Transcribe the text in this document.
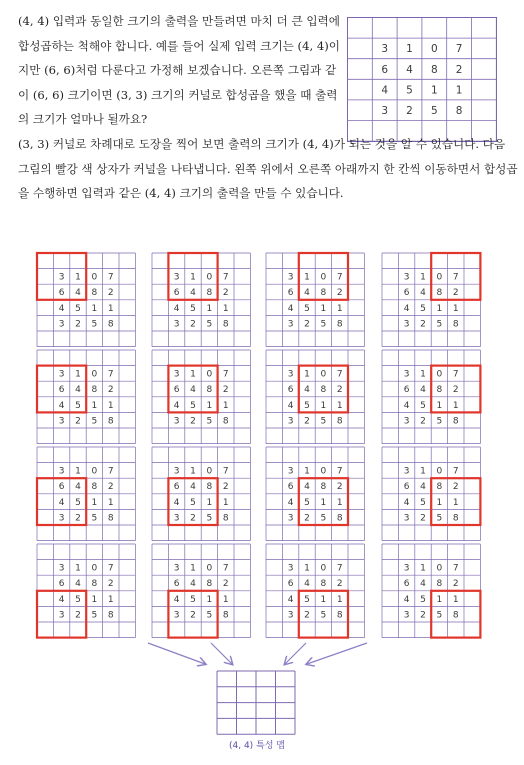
(4, 4) 입력과 동일한 크기의 출력을 만들려면 마치 더 큰 입력에 합성곱하는 척해야 합니다. 예를 들어 실제 입력 크기는 (4, 4)이지만 (6, 6)처럼 다룬다고 가정해 보겠습니다. 오른쪽 그림과 같이 (6, 6) 크기이면 (3, 3) 크기의 커널로 합성곱을 했을 때 출력의 크기가 얼마나 될까요?

3 1 0 7
6 4 8 2
4 5 1 1
3 2 5 8

(3, 3) 커널로 차례대로 도장을 찍어 보면 출력의 크기가 (4, 4)가 되는 것을 알 수 있습니다. 다음 그림의 빨강 색 상자가 커널을 나타냅니다. 왼쪽 위에서 오른쪽 아래까지 한 칸씩 이동하면서 합성곱을 수행하면 입력과 같은 (4, 4) 크기의 출력을 만들 수 있습니다.

3 1 0 7
6 4 8 2
4 5 1 1
3 2 5 8
3 1 0 7
6 4 8 2
4 5 1 1
3 2 5 8
3 1 0 7
6 4 8 2
4 5 1 1
3 2 5 8
3 1 0 7
6 4 8 2
4 5 1 1
3 2 5 8
3 1 0 7
6 4 8 2
4 5 1 1
3 2 5 8
3 1 0 7
6 4 8 2
4 5 1 1
3 2 5 8
3 1 0 7
6 4 8 2
4 5 1 1
3 2 5 8
3 1 0 7
6 4 8 2
4 5 1 1
3 2 5 8
3 1 0 7
6 4 8 2
4 5 1 1
3 2 5 8
3 1 0 7
6 4 8 2
4 5 1 1
3 2 5 8
3 1 0 7
6 4 8 2
4 5 1 1
3 2 5 8
3 1 0 7
6 4 8 2
4 5 1 1
3 2 5 8
3 1 0 7
6 4 8 2
4 5 1 1
3 2 5 8
3 1 0 7
6 4 8 2
4 5 1 1
3 2 5 8
3 1 0 7
6 4 8 2
4 5 1 1
3 2 5 8
3 1 0 7
6 4 8 2
4 5 1 1
3 2 5 8
(4, 4) 특성 맵
